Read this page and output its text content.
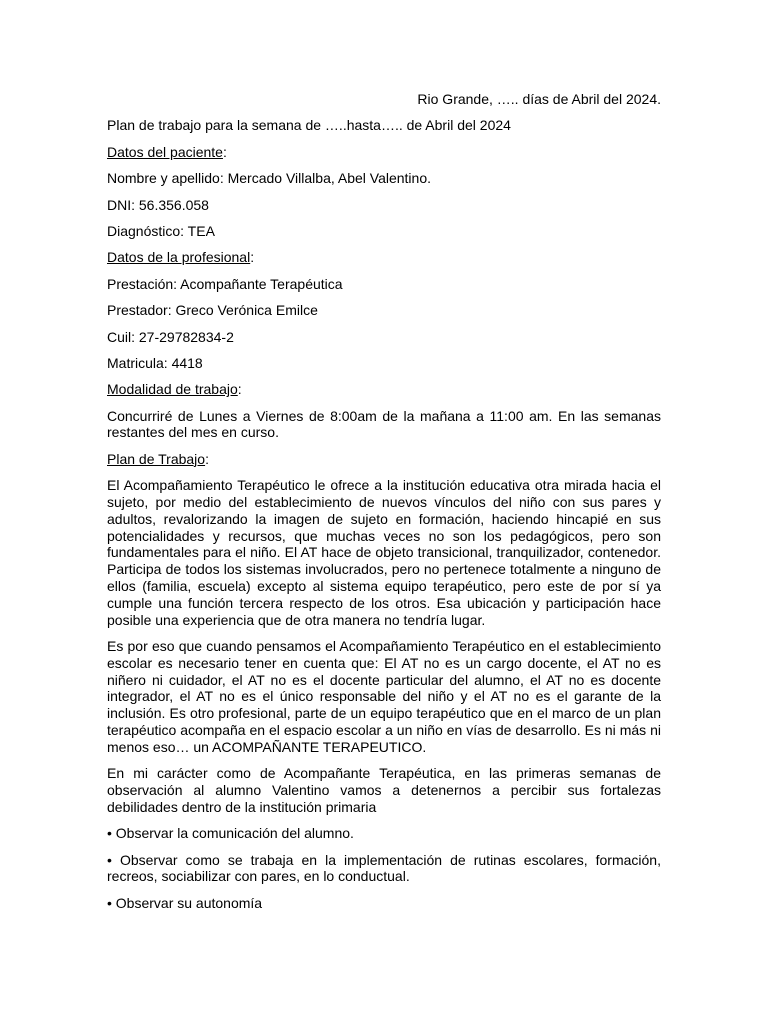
Rio Grande, ….. días de Abril del 2024.

Plan de trabajo para la semana de …..hasta….. de Abril del 2024

Datos del paciente:

Nombre y apellido: Mercado Villalba, Abel Valentino.

DNI: 56.356.058

Diagnóstico: TEA

Datos de la profesional:

Prestación: Acompañante Terapéutica

Prestador: Greco Verónica Emilce

Cuil: 27-29782834-2

Matricula: 4418

Modalidad de trabajo:

Concurriré de Lunes a Viernes de 8:00am de la mañana a 11:00 am. En las semanas restantes del mes en curso.

Plan de Trabajo:

El Acompañamiento Terapéutico le ofrece a la institución educativa otra mirada hacia el sujeto, por medio del establecimiento de nuevos vínculos del niño con sus pares y adultos, revalorizando la imagen de sujeto en formación, haciendo hincapié en sus potencialidades y recursos, que muchas veces no son los pedagógicos, pero son fundamentales para el niño. El AT hace de objeto transicional, tranquilizador, contenedor. Participa de todos los sistemas involucrados, pero no pertenece totalmente a ninguno de ellos (familia, escuela) excepto al sistema equipo terapéutico, pero este de por sí ya cumple una función tercera respecto de los otros. Esa ubicación y participación hace posible una experiencia que de otra manera no tendría lugar.

Es por eso que cuando pensamos el Acompañamiento Terapéutico en el establecimiento escolar es necesario tener en cuenta que: El AT no es un cargo docente, el AT no es niñero ni cuidador, el AT no es el docente particular del alumno, el AT no es docente integrador, el AT no es el único responsable del niño y el AT no es el garante de la inclusión. Es otro profesional, parte de un equipo terapéutico que en el marco de un plan terapéutico acompaña en el espacio escolar a un niño en vías de desarrollo. Es ni más ni menos eso… un ACOMPAÑANTE TERAPEUTICO.

En mi carácter como de Acompañante Terapéutica, en las primeras semanas de observación al alumno Valentino vamos a detenernos a percibir sus fortalezas debilidades dentro de la institución primaria

• Observar la comunicación del alumno.

• Observar como se trabaja en la implementación de rutinas escolares, formación, recreos, sociabilizar con pares, en lo conductual.

• Observar su autonomía
